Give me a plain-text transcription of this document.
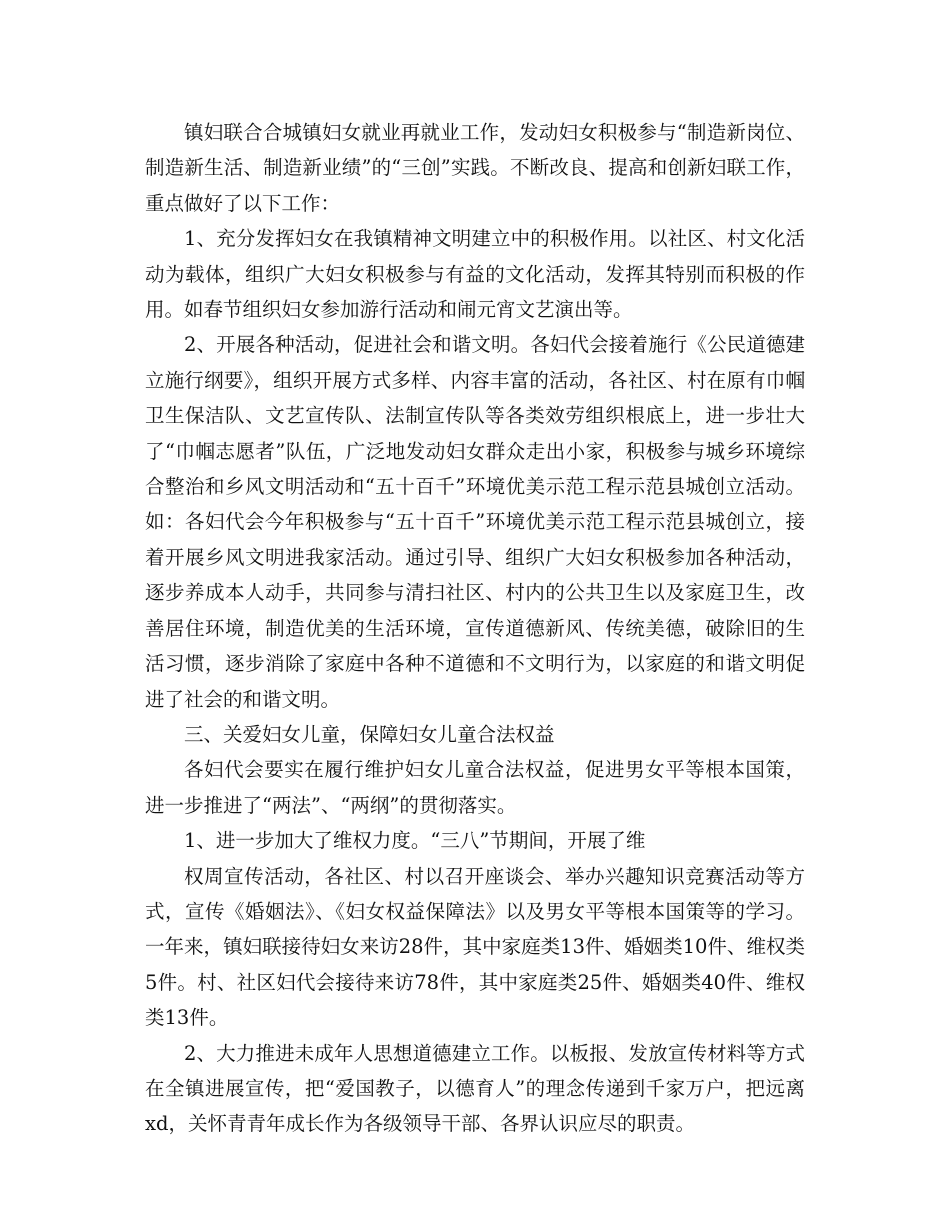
镇妇联合合城镇妇女就业再就业工作，发动妇女积极参与“制造新岗位、制造新生活、制造新业绩”的“三创”实践。不断改良、提高和创新妇联工作，重点做好了以下工作：

1、充分发挥妇女在我镇精神文明建立中的积极作用。以社区、村文化活动为载体，组织广大妇女积极参与有益的文化活动，发挥其特别而积极的作用。如春节组织妇女参加游行活动和闹元宵文艺演出等。

2、开展各种活动，促进社会和谐文明。各妇代会接着施行《公民道德建立施行纲要》，组织开展方式多样、内容丰富的活动，各社区、村在原有巾帼卫生保洁队、文艺宣传队、法制宣传队等各类效劳组织根底上，进一步壮大了“巾帼志愿者”队伍，广泛地发动妇女群众走出小家，积极参与城乡环境综合整治和乡风文明活动和“五十百千”环境优美示范工程示范县城创立活动。如：各妇代会今年积极参与“五十百千”环境优美示范工程示范县城创立，接着开展乡风文明进我家活动。通过引导、组织广大妇女积极参加各种活动，逐步养成本人动手，共同参与清扫社区、村内的公共卫生以及家庭卫生，改善居住环境，制造优美的生活环境，宣传道德新风、传统美德，破除旧的生活习惯，逐步消除了家庭中各种不道德和不文明行为，以家庭的和谐文明促进了社会的和谐文明。

三、关爱妇女儿童，保障妇女儿童合法权益

各妇代会要实在履行维护妇女儿童合法权益，促进男女平等根本国策，进一步推进了“两法”、“两纲”的贯彻落实。

1、进一步加大了维权力度。“三八”节期间，开展了维

权周宣传活动，各社区、村以召开座谈会、举办兴趣知识竞赛活动等方式，宣传《婚姻法》、《妇女权益保障法》以及男女平等根本国策等的学习。一年来，镇妇联接待妇女来访28件，其中家庭类13件、婚姻类10件、维权类5件。村、社区妇代会接待来访78件，其中家庭类25件、婚姻类40件、维权类13件。

2、大力推进未成年人思想道德建立工作。以板报、发放宣传材料等方式在全镇进展宣传，把“爱国教子，以德育人”的理念传递到千家万户，把远离xd，关怀青青年成长作为各级领导干部、各界认识应尽的职责。
